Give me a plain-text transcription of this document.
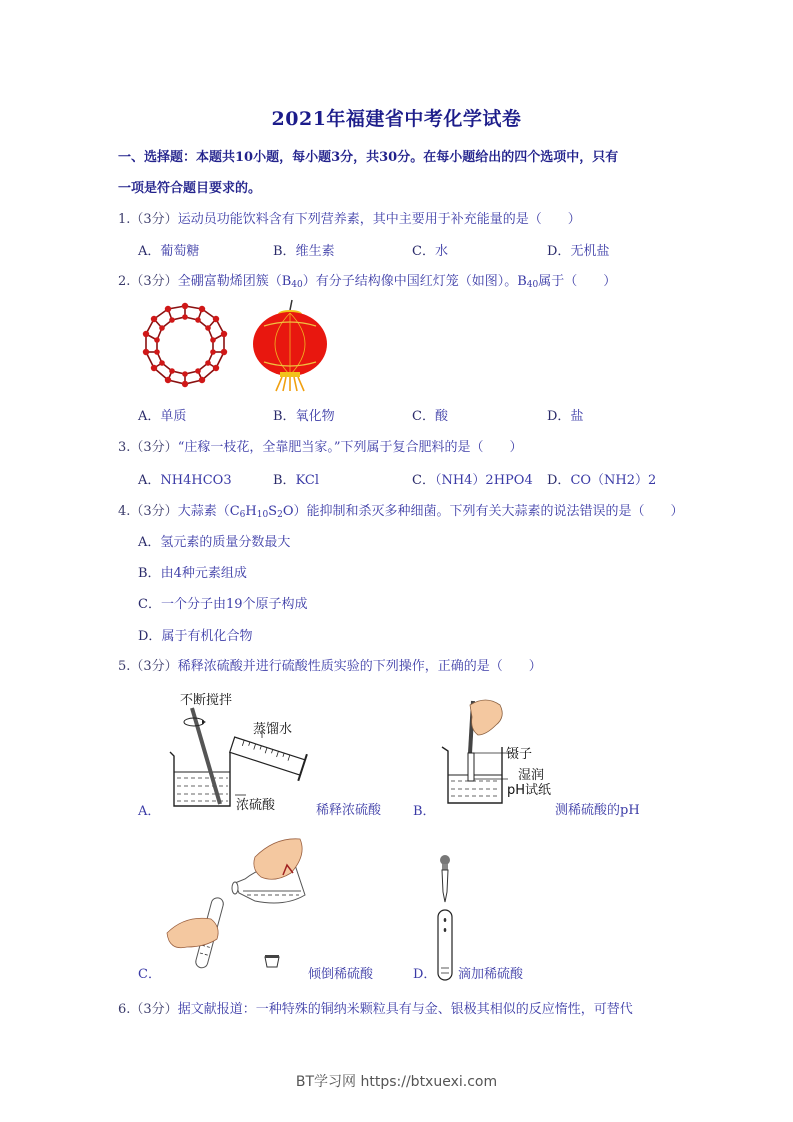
2021年福建省中考化学试卷
一、选择题：本题共10小题，每小题3分，共30分。在每小题给出的四个选项中，只有
一项是符合题目要求的。
1.（3分）运动员功能饮料含有下列营养素，其中主要用于补充能量的是（　　）
A．葡萄糖	B．维生素	C．水	D．无机盐
2.（3分）全硼富勒烯团簇$(B_{40})$有分子结构像中国红灯笼（如图）。$B_{40}$属于（　　）
A．单质	B．氧化物	C．酸	D．盐
3.（3分）“庄稼一枝花，全靠肥当家。”下列属于复合肥料的是（　　）
A．NH4HCO3	B．KCl	C．（NH4）2HPO4 D．CO（NH2）2
4.（3分）大蒜素$(C_6H_{10}S_2O)$能抑制和杀灭多种细菌。下列有关大蒜素的说法错误的是（　　）
A．氢元素的质量分数最大
B．由4种元素组成
C．一个分子由19个原子构成
D．属于有机化合物
5.（3分）稀释浓硫酸并进行硫酸性质实验的下列操作，正确的是（　　）
不断搅拌
蒸馏水
浓硫酸
A．	稀释浓硫酸
镊子
湿润
pH试纸
B．	测稀硫酸的pH
C．	倾倒稀硫酸	D． 滴加稀硫酸
6.（3分）据文献报道：一种特殊的铜纳米颗粒具有与金、银极其相似的反应惰性，可替代
BT学习网 https://btxuexi.com
